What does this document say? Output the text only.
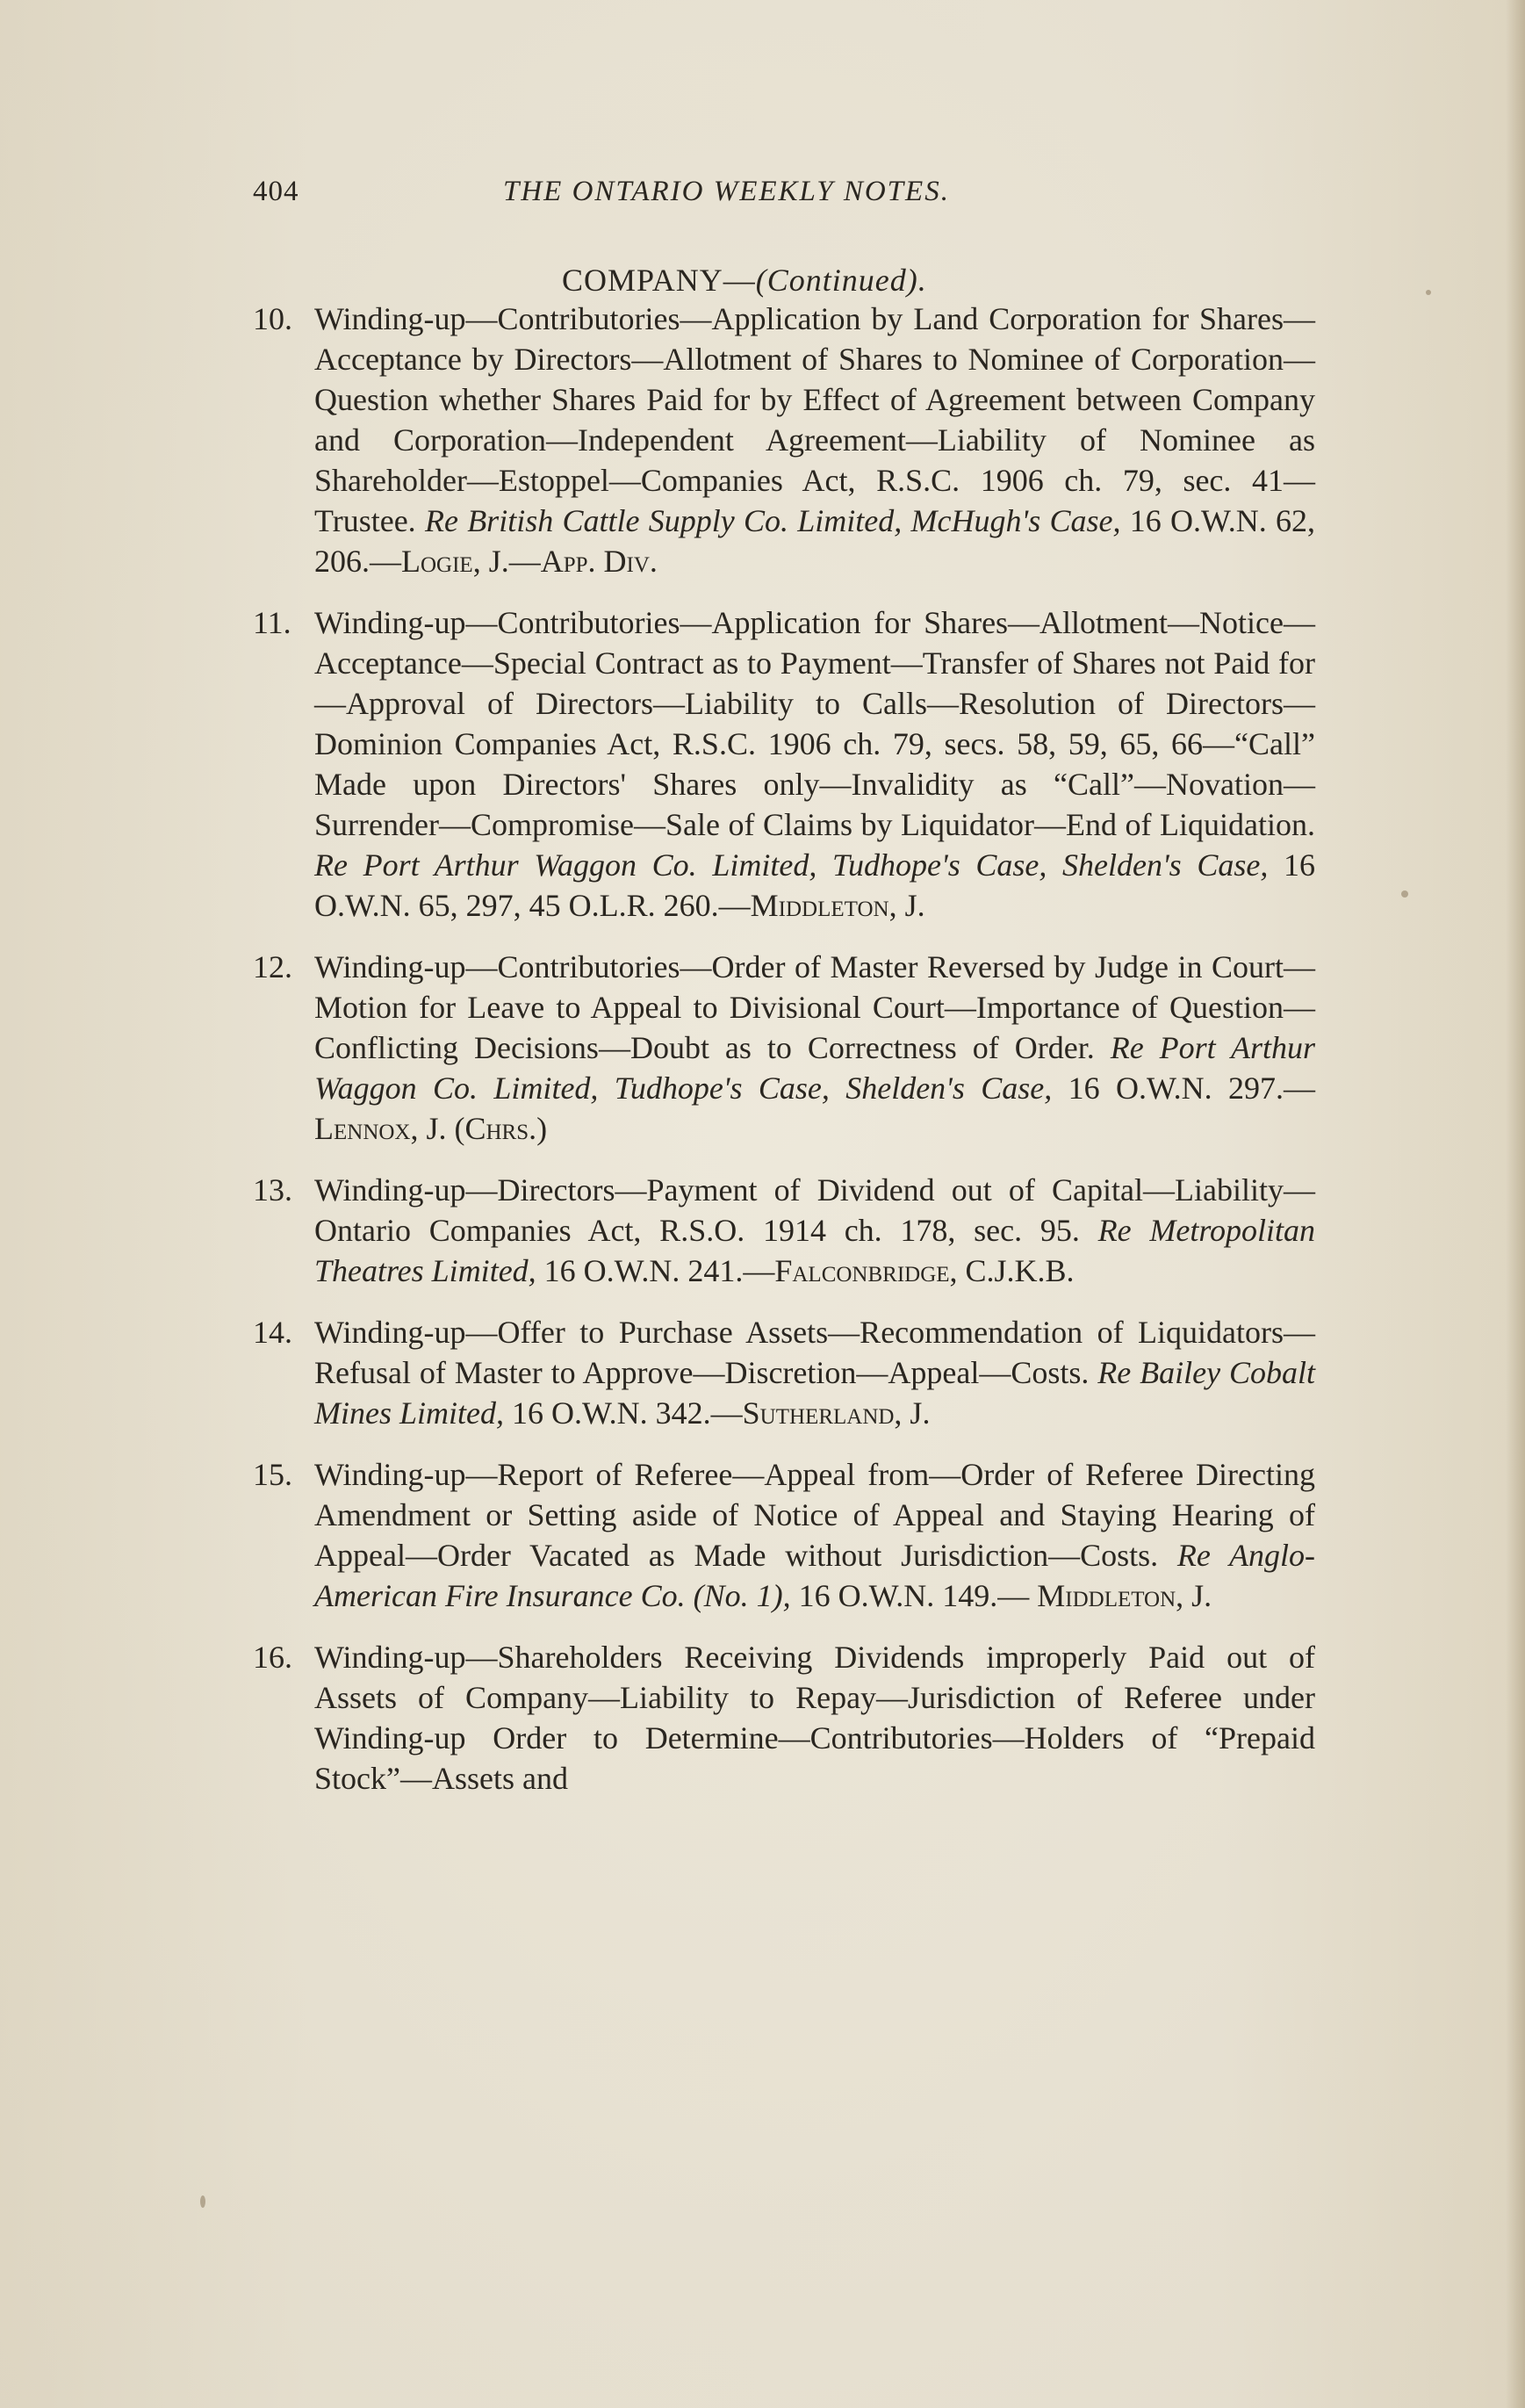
404	THE ONTARIO WEEKLY NOTES.
COMPANY—(Continued).
10. Winding-up—Contributories—Application by Land Corporation for Shares—Acceptance by Directors—Allotment of Shares to Nominee of Corporation—Question whether Shares Paid for by Effect of Agreement between Company and Corporation—Independent Agreement—Liability of Nominee as Shareholder—Estoppel—Companies Act, R.S.C. 1906 ch. 79, sec. 41—Trustee. Re British Cattle Supply Co. Limited, McHugh's Case, 16 O.W.N. 62, 206.—Logie, J.—App. Div.
11. Winding-up—Contributories—Application for Shares—Allotment—Notice—Acceptance—Special Contract as to Payment—Transfer of Shares not Paid for—Approval of Directors—Liability to Calls—Resolution of Directors—Dominion Companies Act, R.S.C. 1906 ch. 79, secs. 58, 59, 65, 66—“Call” Made upon Directors' Shares only—Invalidity as “Call”—Novation—Surrender—Compromise—Sale of Claims by Liquidator—End of Liquidation. Re Port Arthur Waggon Co. Limited, Tudhope's Case, Shelden's Case, 16 O.W.N. 65, 297, 45 O.L.R. 260.—Middleton, J.
12. Winding-up—Contributories—Order of Master Reversed by Judge in Court—Motion for Leave to Appeal to Divisional Court—Importance of Question—Conflicting Decisions—Doubt as to Correctness of Order. Re Port Arthur Waggon Co. Limited, Tudhope's Case, Shelden's Case, 16 O.W.N. 297.—Lennox, J. (Chrs.)
13. Winding-up—Directors—Payment of Dividend out of Capital—Liability—Ontario Companies Act, R.S.O. 1914 ch. 178, sec. 95. Re Metropolitan Theatres Limited, 16 O.W.N. 241.—Falconbridge, C.J.K.B.
14. Winding-up—Offer to Purchase Assets—Recommendation of Liquidators—Refusal of Master to Approve—Discretion—Appeal—Costs. Re Bailey Cobalt Mines Limited, 16 O.W.N. 342.—Sutherland, J.
15. Winding-up—Report of Referee—Appeal from—Order of Referee Directing Amendment or Setting aside of Notice of Appeal and Staying Hearing of Appeal—Order Vacated as Made without Jurisdiction—Costs. Re Anglo-American Fire Insurance Co. (No. 1), 16 O.W.N. 149.— Middleton, J.
16. Winding-up—Shareholders Receiving Dividends improperly Paid out of Assets of Company—Liability to Repay—Jurisdiction of Referee under Winding-up Order to Determine—Contributories—Holders of “Prepaid Stock”—Assets and
